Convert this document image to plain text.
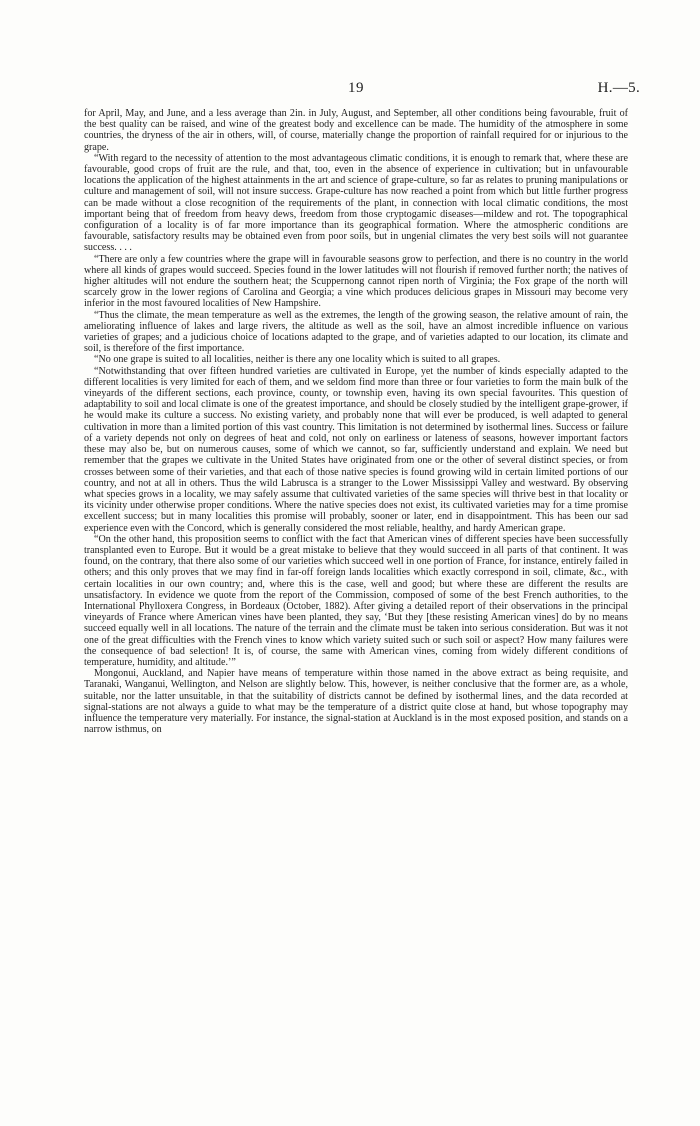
19	H.—5.

for April, May, and June, and a less average than 2in. in July, August, and September, all other conditions being favourable, fruit of the best quality can be raised, and wine of the greatest body and excellence can be made. The humidity of the atmosphere in some countries, the dryness of the air in others, will, of course, materially change the proportion of rainfall required for or injurious to the grape.

“With regard to the necessity of attention to the most advantageous climatic conditions, it is enough to remark that, where these are favourable, good crops of fruit are the rule, and that, too, even in the absence of experience in cultivation; but in unfavourable locations the application of the highest attainments in the art and science of grape-culture, so far as relates to pruning manipulations or culture and management of soil, will not insure success. Grape-culture has now reached a point from which but little further progress can be made without a close recognition of the requirements of the plant, in connection with local climatic conditions, the most important being that of freedom from heavy dews, freedom from those cryptogamic diseases—mildew and rot. The topographical configuration of a locality is of far more importance than its geographical formation. Where the atmospheric conditions are favourable, satisfactory results may be obtained even from poor soils, but in ungenial climates the very best soils will not guarantee success. . . .

“There are only a few countries where the grape will in favourable seasons grow to perfection, and there is no country in the world where all kinds of grapes would succeed. Species found in the lower latitudes will not flourish if removed further north; the natives of higher altitudes will not endure the southern heat; the Scuppernong cannot ripen north of Virginia; the Fox grape of the north will scarcely grow in the lower regions of Carolina and Georgia; a vine which produces delicious grapes in Missouri may become very inferior in the most favoured localities of New Hampshire.

“Thus the climate, the mean temperature as well as the extremes, the length of the growing season, the relative amount of rain, the ameliorating influence of lakes and large rivers, the altitude as well as the soil, have an almost incredible influence on various varieties of grapes; and a judicious choice of locations adapted to the grape, and of varieties adapted to our location, its climate and soil, is therefore of the first importance.

“No one grape is suited to all localities, neither is there any one locality which is suited to all grapes.

“Notwithstanding that over fifteen hundred varieties are cultivated in Europe, yet the number of kinds especially adapted to the different localities is very limited for each of them, and we seldom find more than three or four varieties to form the main bulk of the vineyards of the different sections, each province, county, or township even, having its own special favourites. This question of adaptability to soil and local climate is one of the greatest importance, and should be closely studied by the intelligent grape-grower, if he would make its culture a success. No existing variety, and probably none that will ever be produced, is well adapted to general cultivation in more than a limited portion of this vast country. This limitation is not determined by isothermal lines. Success or failure of a variety depends not only on degrees of heat and cold, not only on earliness or lateness of seasons, however important factors these may also be, but on numerous causes, some of which we cannot, so far, sufficiently understand and explain. We need but remember that the grapes we cultivate in the United States have originated from one or the other of several distinct species, or from crosses between some of their varieties, and that each of those native species is found growing wild in certain limited portions of our country, and not at all in others. Thus the wild Labrusca is a stranger to the Lower Mississippi Valley and westward. By observing what species grows in a locality, we may safely assume that cultivated varieties of the same species will thrive best in that locality or its vicinity under otherwise proper conditions. Where the native species does not exist, its cultivated varieties may for a time promise excellent success; but in many localities this promise will probably, sooner or later, end in disappointment. This has been our sad experience even with the Concord, which is generally considered the most reliable, healthy, and hardy American grape.

“On the other hand, this proposition seems to conflict with the fact that American vines of different species have been successfully transplanted even to Europe. But it would be a great mistake to believe that they would succeed in all parts of that continent. It was found, on the contrary, that there also some of our varieties which succeed well in one portion of France, for instance, entirely failed in others; and this only proves that we may find in far-off foreign lands localities which exactly correspond in soil, climate, &c., with certain localities in our own country; and, where this is the case, well and good; but where these are different the results are unsatisfactory. In evidence we quote from the report of the Commission, composed of some of the best French authorities, to the International Phylloxera Congress, in Bordeaux (October, 1882). After giving a detailed report of their observations in the principal vineyards of France where American vines have been planted, they say, ‘But they [these resisting American vines] do by no means succeed equally well in all locations. The nature of the terrain and the climate must be taken into serious consideration. But was it not one of the great difficulties with the French vines to know which variety suited such or such soil or aspect? How many failures were the consequence of bad selection! It is, of course, the same with American vines, coming from widely different conditions of temperature, humidity, and altitude.’”

Mongonui, Auckland, and Napier have means of temperature within those named in the above extract as being requisite, and Taranaki, Wanganui, Wellington, and Nelson are slightly below. This, however, is neither conclusive that the former are, as a whole, suitable, nor the latter unsuitable, in that the suitability of districts cannot be defined by isothermal lines, and the data recorded at signal-stations are not always a guide to what may be the temperature of a district quite close at hand, but whose topography may influence the temperature very materially. For instance, the signal-station at Auckland is in the most exposed position, and stands on a narrow isthmus, on
